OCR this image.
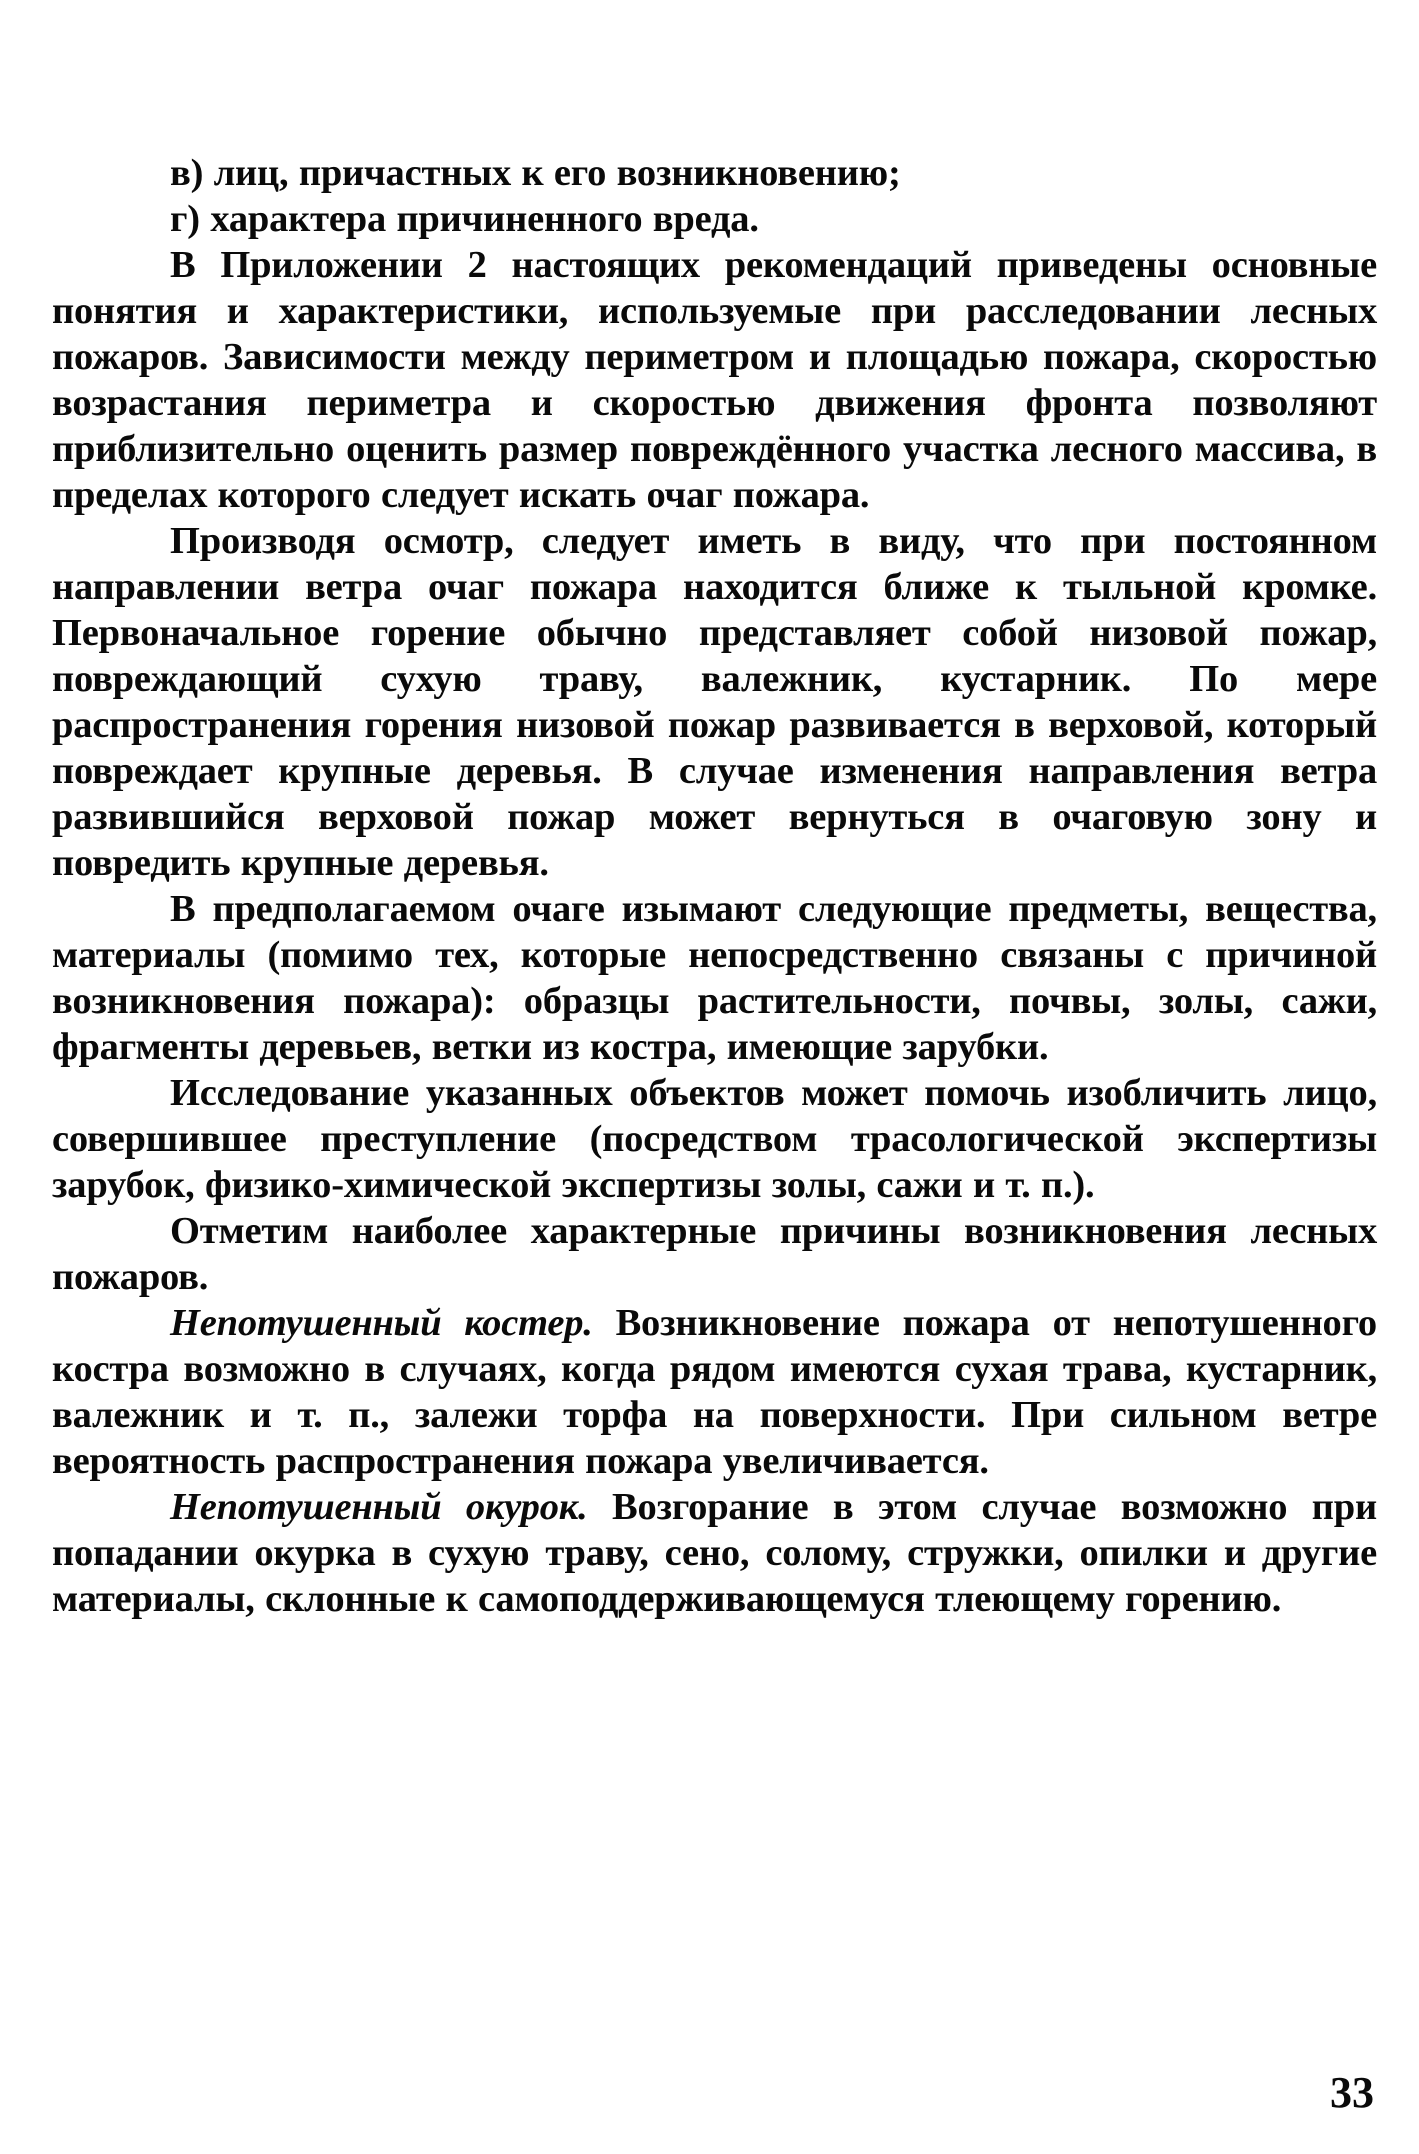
в) лиц, причастных к его возникновению;

г) характера причиненного вреда.

В Приложении 2 настоящих рекомендаций приведены основные понятия и характеристики, используемые при расследовании лесных пожаров. Зависимости между периметром и площадью пожара, скоростью возрастания периметра и скоростью движения фронта позволяют приблизительно оценить размер повреждённого участка лесного массива, в пределах которого следует искать очаг пожара.

Производя осмотр, следует иметь в виду, что при постоянном направлении ветра очаг пожара находится ближе к тыльной кромке. Первоначальное горение обычно представляет собой низовой пожар, повреждающий сухую траву, валежник, кустарник. По мере распространения горения низовой пожар развивается в верховой, который повреждает крупные деревья. В случае изменения направления ветра развившийся верховой пожар может вернуться в очаговую зону и повредить крупные деревья.

В предполагаемом очаге изымают следующие предметы, вещества, материалы (помимо тех, которые непосредственно связаны с причиной возникновения пожара): образцы растительности, почвы, золы, сажи, фрагменты деревьев, ветки из костра, имеющие зарубки.

Исследование указанных объектов может помочь изобличить лицо, совершившее преступление (посредством трасологической экспертизы зарубок, физико-химической экспертизы золы, сажи и т. п.).

Отметим наиболее характерные причины возникновения лесных пожаров.

Непотушенный костер. Возникновение пожара от непотушенного костра возможно в случаях, когда рядом имеются сухая трава, кустарник, валежник и т. п., залежи торфа на поверхности. При сильном ветре вероятность распространения пожара увеличивается.

Непотушенный окурок. Возгорание в этом случае возможно при попадании окурка в сухую траву, сено, солому, стружки, опилки и другие материалы, склонные к самоподдерживающемуся тлеющему горению.

33
